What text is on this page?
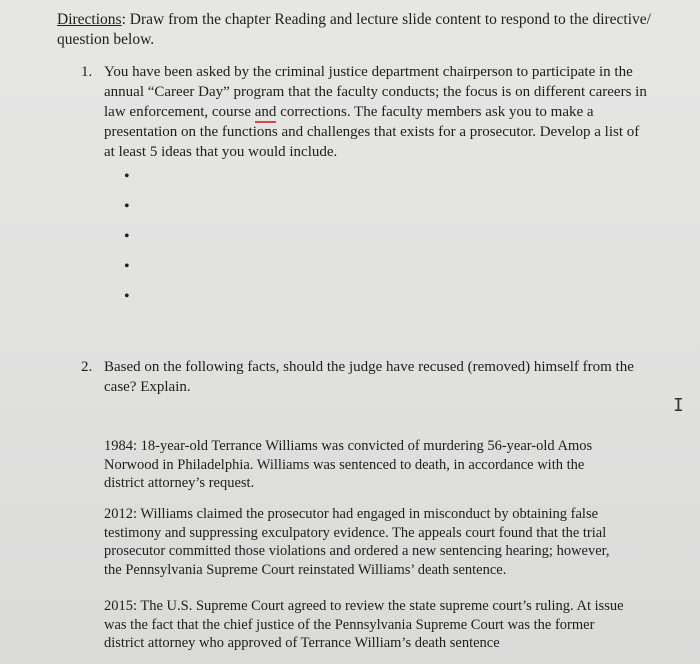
Directions: Draw from the chapter Reading and lecture slide content to respond to the directive/ question below.
1. You have been asked by the criminal justice department chairperson to participate in the annual “Career Day” program that the faculty conducts; the focus is on different careers in law enforcement, course and corrections. The faculty members ask you to make a presentation on the functions and challenges that exists for a prosecutor. Develop a list of at least 5 ideas that you would include.
•
•
•
•
•
2. Based on the following facts, should the judge have recused (removed) himself from the case? Explain.
1984: 18-year-old Terrance Williams was convicted of murdering 56-year-old Amos Norwood in Philadelphia. Williams was sentenced to death, in accordance with the district attorney’s request.
2012: Williams claimed the prosecutor had engaged in misconduct by obtaining false testimony and suppressing exculpatory evidence. The appeals court found that the trial prosecutor committed those violations and ordered a new sentencing hearing; however, the Pennsylvania Supreme Court reinstated Williams’ death sentence.
2015: The U.S. Supreme Court agreed to review the state supreme court’s ruling. At issue was the fact that the chief justice of the Pennsylvania Supreme Court was the former district attorney who approved of Terrance William’s death sentence
I
